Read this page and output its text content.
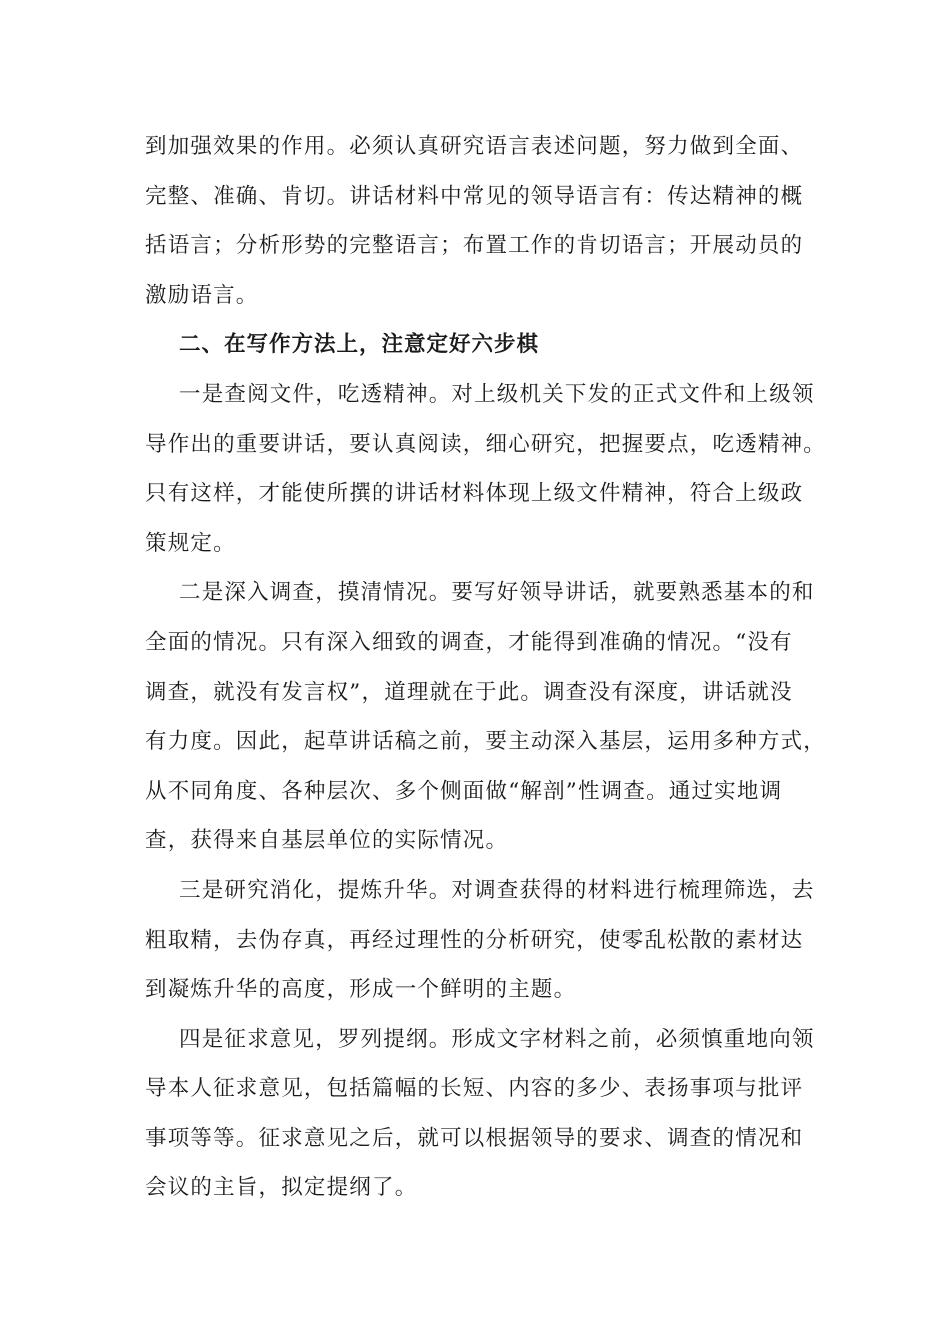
到加强效果的作用。必须认真研究语言表述问题，努力做到全面、
完整、准确、肯切。讲话材料中常见的领导语言有：传达精神的概
括语言；分析形势的完整语言；布置工作的肯切语言；开展动员的
激励语言。
二、在写作方法上，注意定好六步棋
一是查阅文件，吃透精神。对上级机关下发的正式文件和上级领
导作出的重要讲话，要认真阅读，细心研究，把握要点，吃透精神。
只有这样，才能使所撰的讲话材料体现上级文件精神，符合上级政
策规定。
二是深入调查，摸清情况。要写好领导讲话，就要熟悉基本的和
全面的情况。只有深入细致的调查，才能得到准确的情况。“没有
调查，就没有发言权”，道理就在于此。调查没有深度，讲话就没
有力度。因此，起草讲话稿之前，要主动深入基层，运用多种方式，
从不同角度、各种层次、多个侧面做“解剖”性调查。通过实地调
查，获得来自基层单位的实际情况。
三是研究消化，提炼升华。对调查获得的材料进行梳理筛选，去
粗取精，去伪存真，再经过理性的分析研究，使零乱松散的素材达
到凝炼升华的高度，形成一个鲜明的主题。
四是征求意见，罗列提纲。形成文字材料之前，必须慎重地向领
导本人征求意见，包括篇幅的长短、内容的多少、表扬事项与批评
事项等等。征求意见之后，就可以根据领导的要求、调查的情况和
会议的主旨，拟定提纲了。
